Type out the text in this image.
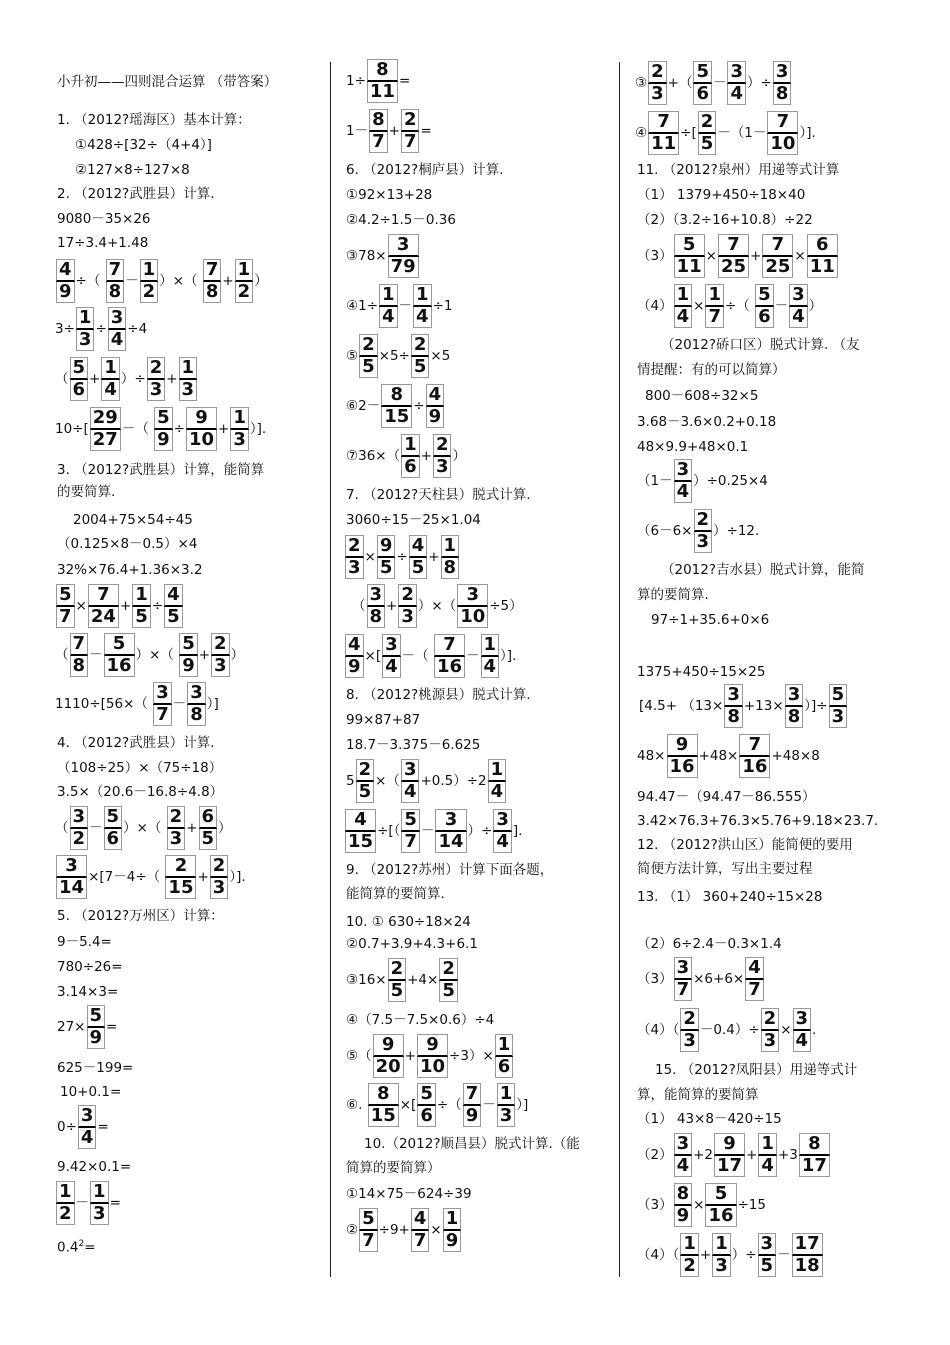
小升初——四则混合运算 （带答案）
1. （2012?瑶海区）基本计算：
①428÷[32÷（4+4）]
②127×8÷127×8
2. （2012?武胜县）计算.
9080－35×26
17÷3.4+1.48
$\frac{4}{9}$ ÷（ $\frac{7}{8} - \frac{1}{2}$ ）×（ $\frac{7}{8} + \frac{1}{2}$ ）
$3\div \frac{1}{3} \div \frac{3}{4} \div 4$
（ $\frac{5}{6} + \frac{1}{4}$ ）÷ $\frac{2}{3} + \frac{1}{3}$
$10\div[ \frac{29}{27}$ －（ $\frac{5}{9} \div \frac{9}{10} + \frac{1}{3}$ ）].
3. （2012?武胜县）计算，能简算
的要简算.
2004+75×54÷45
（0.125×8－0.5）×4
32%×76.4+1.36×3.2
$\frac{5}{7} \times \frac{7}{24} + \frac{1}{5} \div \frac{4}{5}$
（ $\frac{7}{8} - \frac{5}{16}$ ）×（ $\frac{5}{9} + \frac{2}{3}$ ）
$1110\div[56\times( \frac{3}{7} - \frac{3}{8}$ ）]
4. （2012?武胜县）计算.
（108÷25）×（75÷18）
3.5×（20.6－16.8÷4.8）
（ $\frac{3}{2} - \frac{5}{6}$ ）×（ $\frac{2}{3} + \frac{6}{5}$ ）
$\frac{3}{14} \times[7-4\div( \frac{2}{15} + \frac{2}{3}$ ）].
5. （2012?万州区）计算：
9－5.4=
780÷26=
3.14×3=
$27\times \frac{5}{9}$ =
625－199=
10+0.1=
$0\div \frac{3}{4}$ =
9.42×0.1=
$\frac{1}{2} - \frac{1}{3}$ =
$0.4^2=$
$1\div \frac{8}{11}$ =
$1- \frac{8}{7} + \frac{2}{7}$ =
6. （2012?桐庐县）计算.
①92×13+28
②4.2÷1.5－0.36
③78× $\frac{3}{79}$
④1÷ $\frac{1}{4} - \frac{1}{4} \div 1$
⑤ $\frac{2}{5} \times 5\div \frac{2}{5} \times 5$
⑥2－ $\frac{8}{15} \div \frac{4}{9}$
⑦36×（ $\frac{1}{6} + \frac{2}{3}$ ）
7. （2012?天柱县）脱式计算.
3060÷15－25×1.04
$\frac{2}{3} \times \frac{9}{5} \div \frac{4}{5} + \frac{1}{8}$
（ $\frac{3}{8} + \frac{2}{3}$ ）×（ $\frac{3}{10} \div 5$）
$\frac{4}{9}$ ×[ $\frac{3}{4}$ －（ $\frac{7}{16} - \frac{1}{4}$ ）].
8. （2012?桃源县）脱式计算.
99×87+87
18.7－3.375－6.625
$5 \frac{2}{5}$ ×（ $\frac{3}{4} +0.5)\div 2 \frac{1}{4}$
$\frac{4}{15}$ ÷[（ $\frac{5}{7} - \frac{3}{14}$ ）÷ $\frac{3}{4}$ ].
9. （2012?苏州）计算下面各题，
能简算的要简算.
10. ① 630÷18×24
②0.7+3.9+4.3+6.1
③16× $\frac{2}{5} +4\times \frac{2}{5}$
④（7.5－7.5×0.6）÷4
⑤（ $\frac{9}{20} + \frac{9}{10} \div 3)\times \frac{1}{6}$
⑥. $\frac{8}{15}$ ×[ $\frac{5}{6}$ ÷（ $\frac{7}{9} - \frac{1}{3}$ ）]
10.（2012?顺昌县）脱式计算.（能
简算的要简算）
①14×75－624÷39
② $\frac{5}{7} \div 9+ \frac{4}{7} \times \frac{1}{9}$
③ $\frac{2}{3}$ +（ $\frac{5}{6} - \frac{3}{4}$ ）÷ $\frac{3}{8}$
④ $\frac{7}{11}$ ÷[ $\frac{2}{5} -(1- \frac{7}{10}$ ）].
11. （2012?泉州）用递等式计算
（1） 1379+450÷18×40
（2）（3.2÷16+10.8）÷22
$(3) \frac{5}{11} \times \frac{7}{25} + \frac{7}{25} \times \frac{6}{11}$
$(4) \frac{1}{4} \times \frac{1}{7}$ ÷（ $\frac{5}{6} - \frac{3}{4}$ ）
（2012?硚口区）脱式计算. （友
情提醒：有的可以简算）
800－608÷32×5
3.68－3.6×0.2+0.18
48×9.9+48×0.1
$(1- \frac{3}{4} )\div 0.25\times 4$
$(6-6\times \frac{2}{3} )\div 12$.
（2012?吉水县）脱式计算，能简
算的要简算.
97÷1+35.6+0×6
1375+450÷15×25
[$4.5+ (13\times \frac{3}{8} +13\times \frac{3}{8}$ ）]÷ $\frac{5}{3}$
$48\times \frac{9}{16} +48\times \frac{7}{16} +48\times 8$
94.47－（94.47－86.555）
3.42×76.3+76.3×5.76+9.18×23.7.
12. （2012?洪山区）能简便的要用
简便方法计算，写出主要过程
13. （1） 360+240÷15×28
（2）6÷2.4－0.3×1.4
$(3) \frac{3}{7} \times 6+6\times \frac{4}{7}$
$(4)( \frac{2}{3} -0.4)\div \frac{2}{3} \times \frac{3}{4}$ .
15. （2012?凤阳县）用递等式计
算，能简算的要简算
（1） 43×8－420÷15
$(2) \frac{3}{4} +2 \frac{9}{17} + \frac{1}{4} +3 \frac{8}{17}$
$(3) \frac{8}{9} \times \frac{5}{16} \div 15$
$(4)( \frac{1}{2} + \frac{1}{3}$ ）÷ $\frac{3}{5} - \frac{17}{18}$
